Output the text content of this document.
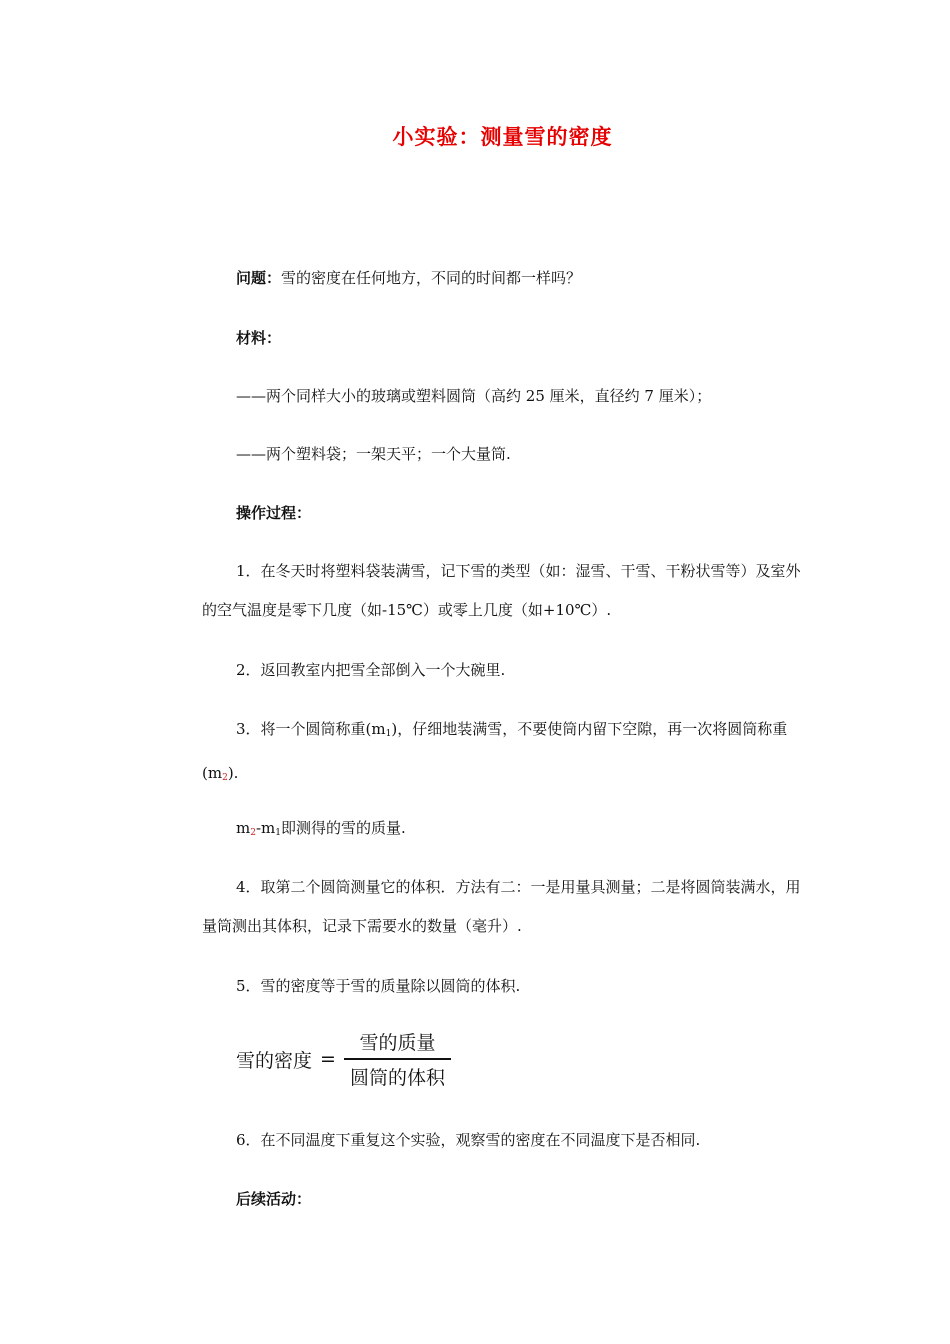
小实验：测量雪的密度
问题：雪的密度在任何地方，不同的时间都一样吗？
材料：
——两个同样大小的玻璃或塑料圆筒（高约 25 厘米，直径约 7 厘米）；
——两个塑料袋；一架天平；一个大量筒.
操作过程：
1．在冬天时将塑料袋装满雪，记下雪的类型（如：湿雪、干雪、干粉状雪等）及室外的空气温度是零下几度（如-15℃）或零上几度（如+10℃）.
2．返回教室内把雪全部倒入一个大碗里.
3．将一个圆筒称重$(m_1)$，仔细地装满雪，不要使筒内留下空隙，再一次将圆筒称重$(m_2)$.
$m_2-m_1$即测得的雪的质量.
4．取第二个圆筒测量它的体积．方法有二：一是用量具测量；二是将圆筒装满水，用量筒测出其体积，记录下需要水的数量（毫升）.
5．雪的密度等于雪的质量除以圆筒的体积.
雪的密度 = $\frac{\text{雪的质量}}{\text{圆筒的体积}}$
6．在不同温度下重复这个实验，观察雪的密度在不同温度下是否相同.
后续活动：
